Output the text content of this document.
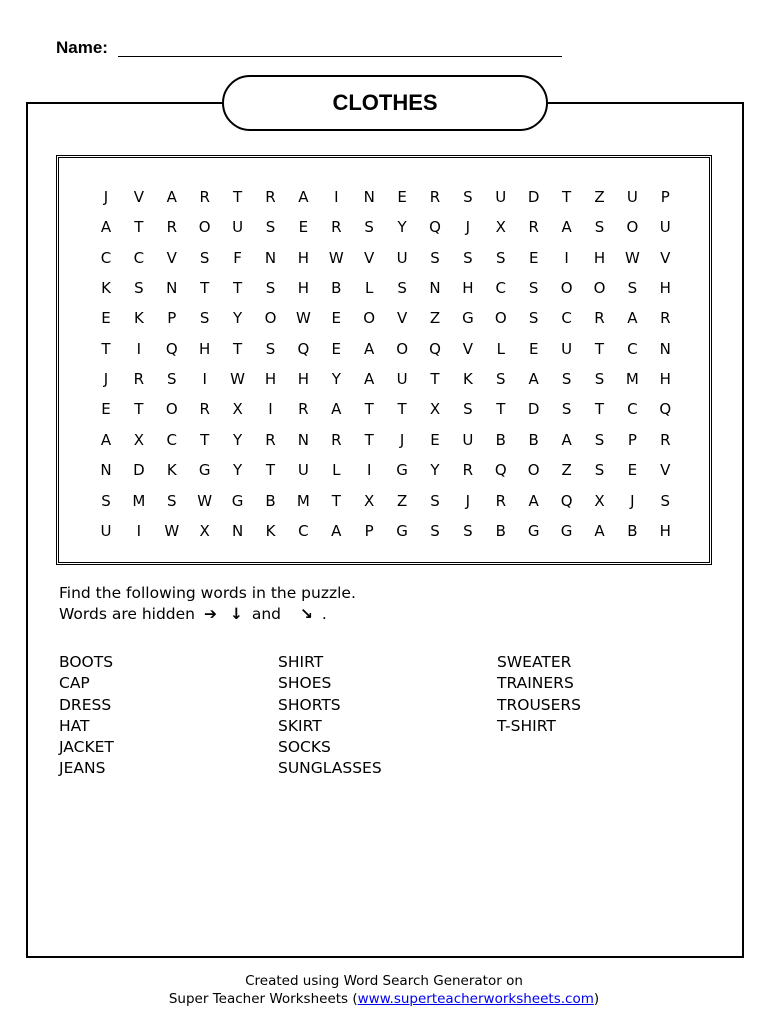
Name:
CLOTHES
J	V	A	R	T	R	A	I	N	E	R	S	U	D	T	Z	U	P
A	T	R	O	U	S	E	R	S	Y	Q	J	X	R	A	S	O	U
C	C	V	S	F	N	H	W	V	U	S	S	S	E	I	H	W	V
K	S	N	T	T	S	H	B	L	S	N	H	C	S	O	O	S	H
E	K	P	S	Y	O	W	E	O	V	Z	G	O	S	C	R	A	R
T	I	Q	H	T	S	Q	E	A	O	Q	V	L	E	U	T	C	N
J	R	S	I	W	H	H	Y	A	U	T	K	S	A	S	S	M	H
E	T	O	R	X	I	R	A	T	T	X	S	T	D	S	T	C	Q
A	X	C	T	Y	R	N	R	T	J	E	U	B	B	A	S	P	R
N	D	K	G	Y	T	U	L	I	G	Y	R	Q	O	Z	S	E	V
S	M	S	W	G	B	M	T	X	Z	S	J	R	A	Q	X	J	S
U	I	W	X	N	K	C	A	P	G	S	S	B	G	G	A	B	H
Find the following words in the puzzle.
Words are hidden ➔ ↓ and ↘ .
BOOTS
CAP
DRESS
HAT
JACKET
JEANS
SHIRT
SHOES
SHORTS
SKIRT
SOCKS
SUNGLASSES
SWEATER
TRAINERS
TROUSERS
T-SHIRT
Created using Word Search Generator on
Super Teacher Worksheets (www.superteacherworksheets.com)
